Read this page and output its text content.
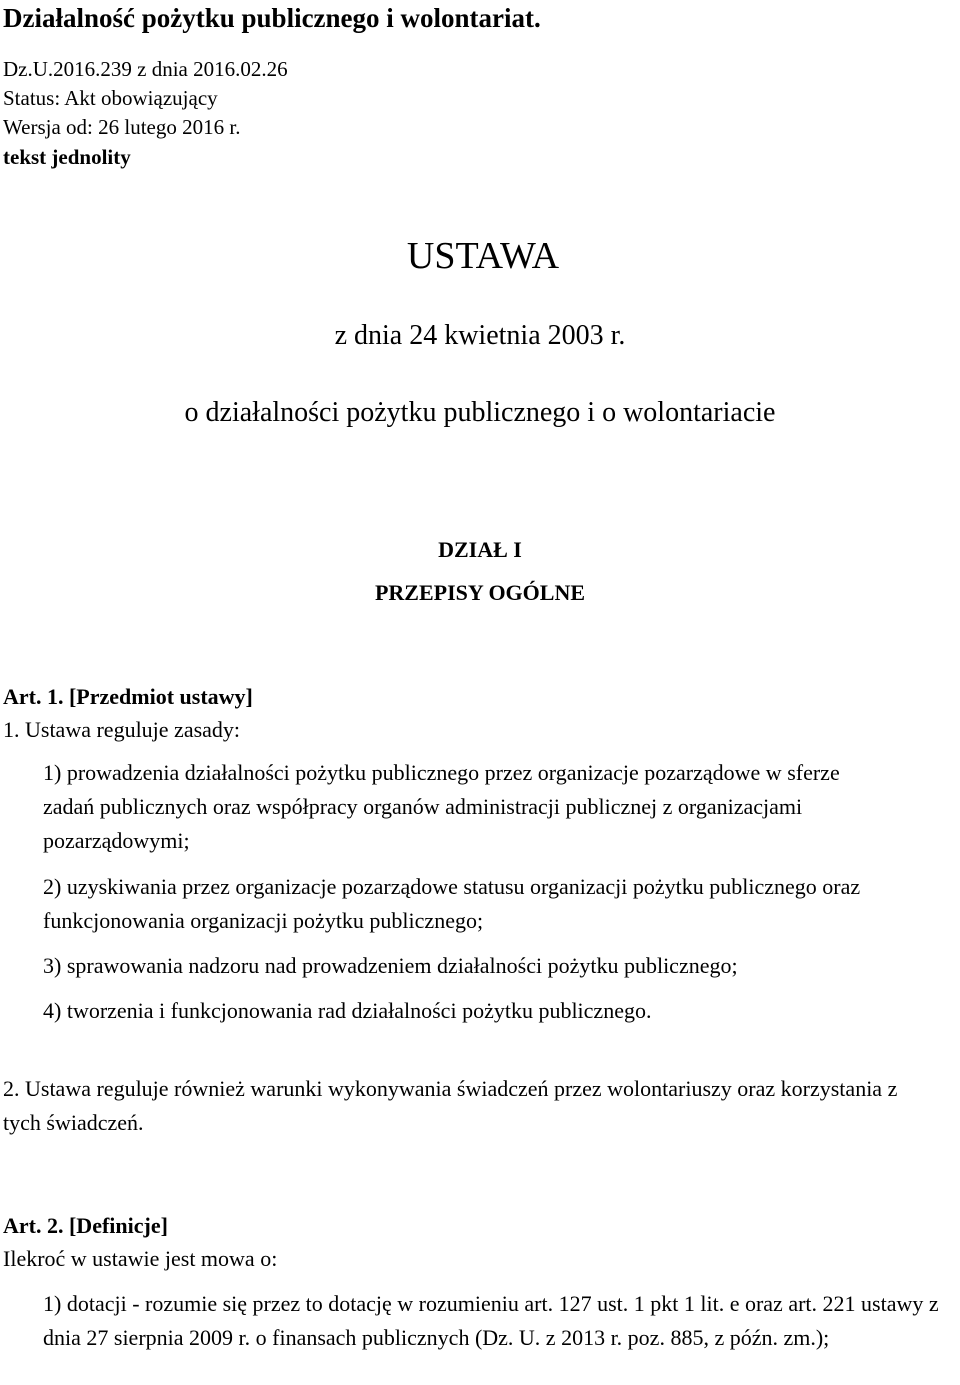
Działalność pożytku publicznego i wolontariat.
Dz.U.2016.239 z dnia 2016.02.26
Status: Akt obowiązujący
Wersja od: 26 lutego 2016 r.
tekst jednolity
USTAWA
z dnia 24 kwietnia 2003 r.
o działalności pożytku publicznego i o wolontariacie
DZIAŁ I
PRZEPISY OGÓLNE
Art. 1. [Przedmiot ustawy]
1. Ustawa reguluje zasady:

1) prowadzenia działalności pożytku publicznego przez organizacje pozarządowe w sferze zadań publicznych oraz współpracy organów administracji publicznej z organizacjami pozarządowymi;

2) uzyskiwania przez organizacje pozarządowe statusu organizacji pożytku publicznego oraz funkcjonowania organizacji pożytku publicznego;

3) sprawowania nadzoru nad prowadzeniem działalności pożytku publicznego;

4) tworzenia i funkcjonowania rad działalności pożytku publicznego.

2. Ustawa reguluje również warunki wykonywania świadczeń przez wolontariuszy oraz korzystania z tych świadczeń.

Art. 2. [Definicje]
Ilekroć w ustawie jest mowa o:

1) dotacji - rozumie się przez to dotację w rozumieniu art. 127 ust. 1 pkt 1 lit. e oraz art. 221 ustawy z dnia 27 sierpnia 2009 r. o finansach publicznych (Dz. U. z 2013 r. poz. 885, z późn. zm.);
